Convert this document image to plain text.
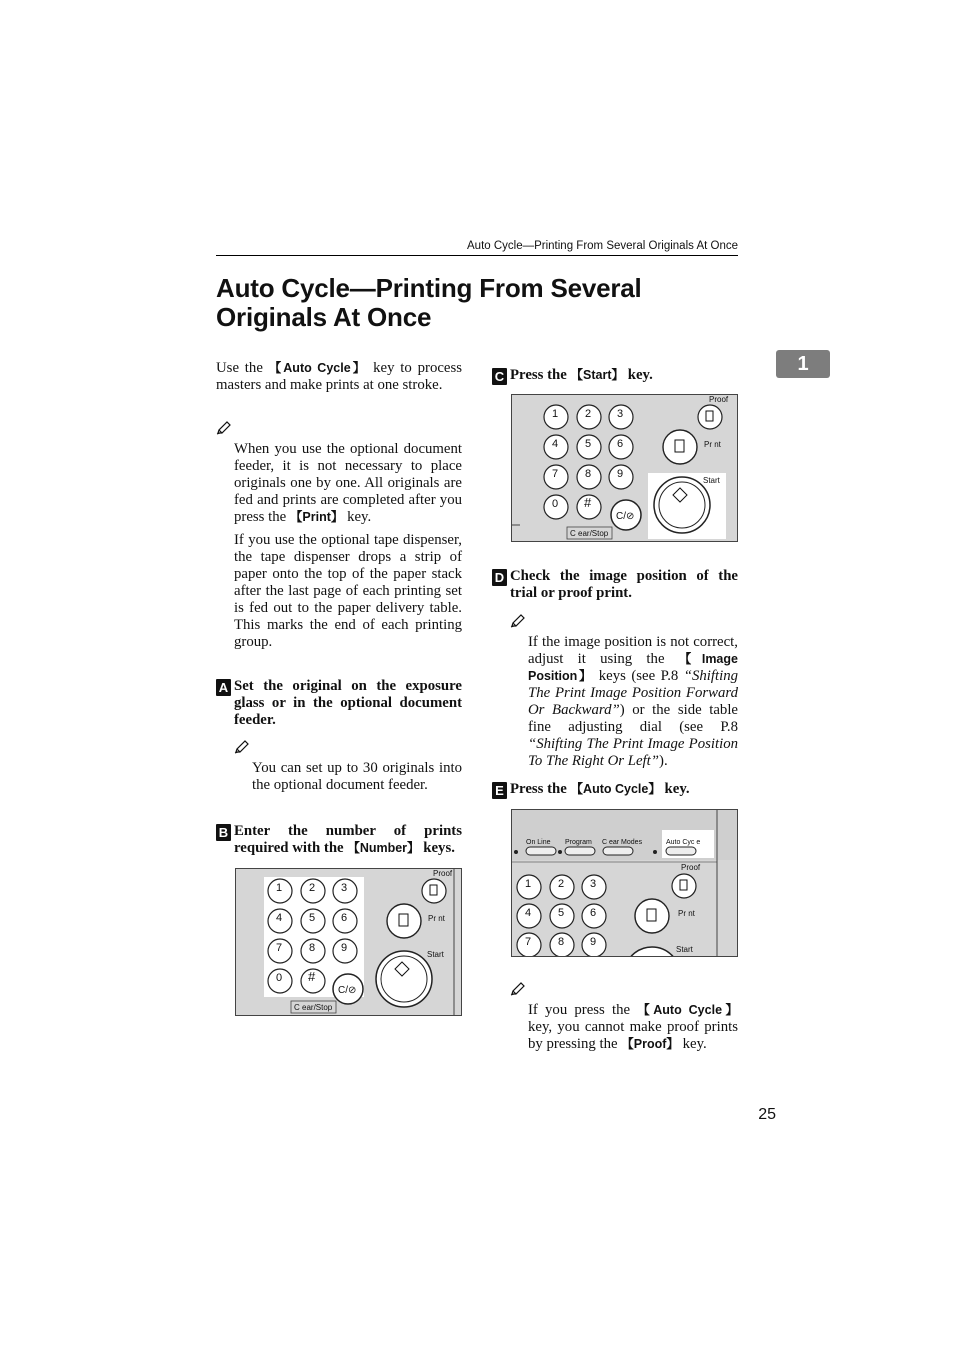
Auto Cycle—Printing From Several Originals At Once
Auto Cycle—Printing From Several
Originals At Once
1

Use the 【Auto Cycle】 key to process masters and make prints at one stroke.

When you use the optional document feeder, it is not necessary to place originals one by one. All originals are fed and prints are completed after you press the 【Print】 key.

If you use the optional tape dispenser, the tape dispenser drops a strip of paper onto the top of the paper stack after the last page of each printing set is fed out to the paper delivery table. This marks the end of each printing group.

A Set the original on the exposure glass or in the optional document feeder.
You can set up to 30 originals into the optional document feeder.
B Enter the number of prints required with the 【Number】 keys.
1 2 3
4 5 6
7 8 9
0 #
C/⊘
C ear/Stop
Proof
Pr nt
Start
C Press the 【Start】 key.
1 2 3
4 5 6
7 8 9
0 #
C/⊘
C ear/Stop
Proof
Pr nt
Start
D Check the image position of the trial or proof print.
If the image position is not correct, adjust it using the 【Image Position】 keys (see P.8 “Shifting The Print Image Position Forward Or Backward”) or the side table fine adjusting dial (see P.8 “Shifting The Print Image Position To The Right Or Left”).
E Press the 【Auto Cycle】 key.
On Line Program C ear Modes	Auto Cyc e
1 2 3
4 5 6
7 8 9
Proof
Pr nt
Start
If you press the 【Auto Cycle】 key, you cannot make proof prints by pressing the 【Proof】 key.
25
